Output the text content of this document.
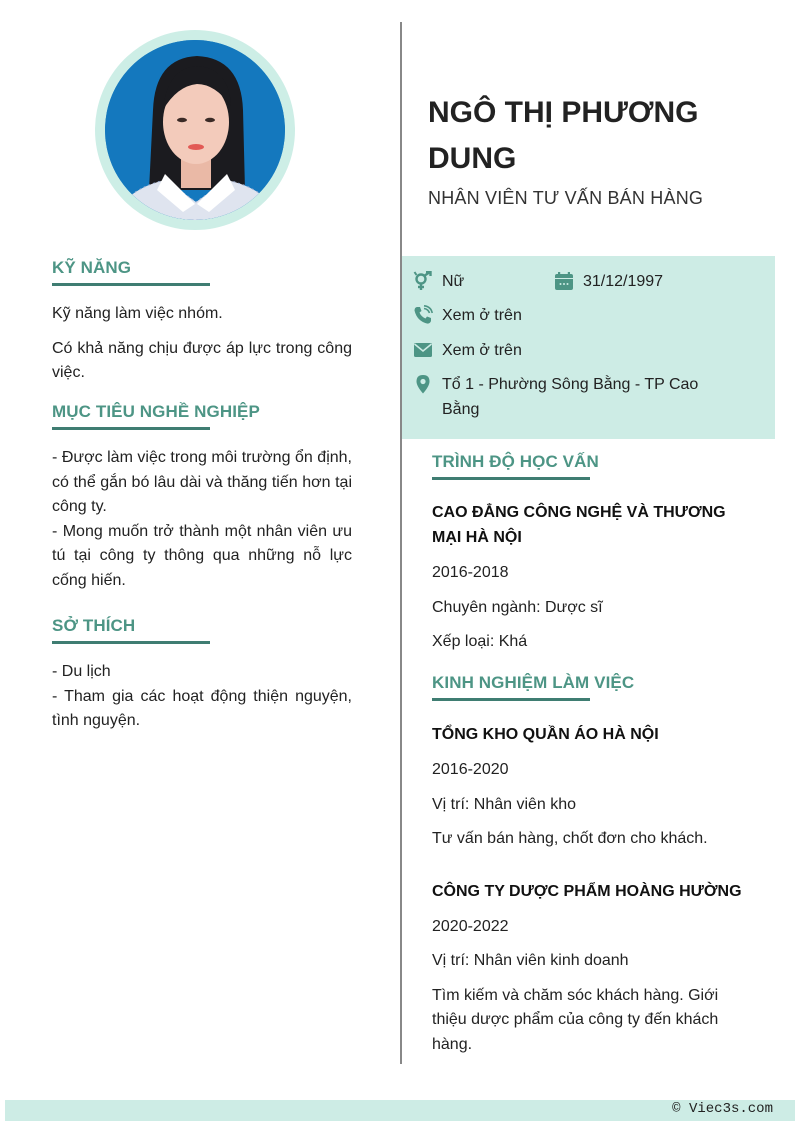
KỸ NĂNG
Kỹ năng làm việc nhóm.
Có khả năng chịu được áp lực trong công việc.
MỤC TIÊU NGHỀ NGHIỆP
- Được làm việc trong môi trường ổn định, có thể gắn bó lâu dài và thăng tiến hơn tại công ty.
- Mong muốn trở thành một nhân viên ưu tú tại công ty thông qua những nỗ lực cống hiến.
SỞ THÍCH
- Du lịch
- Tham gia các hoạt động thiện nguyện, tình nguyện.
NGÔ THỊ PHƯƠNG DUNG
NHÂN VIÊN TƯ VẤN BÁN HÀNG
Nữ	31/12/1997
Xem ở trên
Xem ở trên
Tổ 1 - Phường Sông Bằng - TP Cao Bằng
TRÌNH ĐỘ HỌC VẤN
CAO ĐẲNG CÔNG NGHỆ VÀ THƯƠNG MẠI HÀ NỘI
2016-2018
Chuyên ngành: Dược sĩ
Xếp loại: Khá
KINH NGHIỆM LÀM VIỆC
TỔNG KHO QUẦN ÁO HÀ NỘI
2016-2020
Vị trí: Nhân viên kho
Tư vấn bán hàng, chốt đơn cho khách.
CÔNG TY DƯỢC PHẨM HOÀNG HƯỜNG
2020-2022
Vị trí: Nhân viên kinh doanh
Tìm kiếm và chăm sóc khách hàng. Giới thiệu dược phẩm của công ty đến khách hàng.
© Viec3s.com
